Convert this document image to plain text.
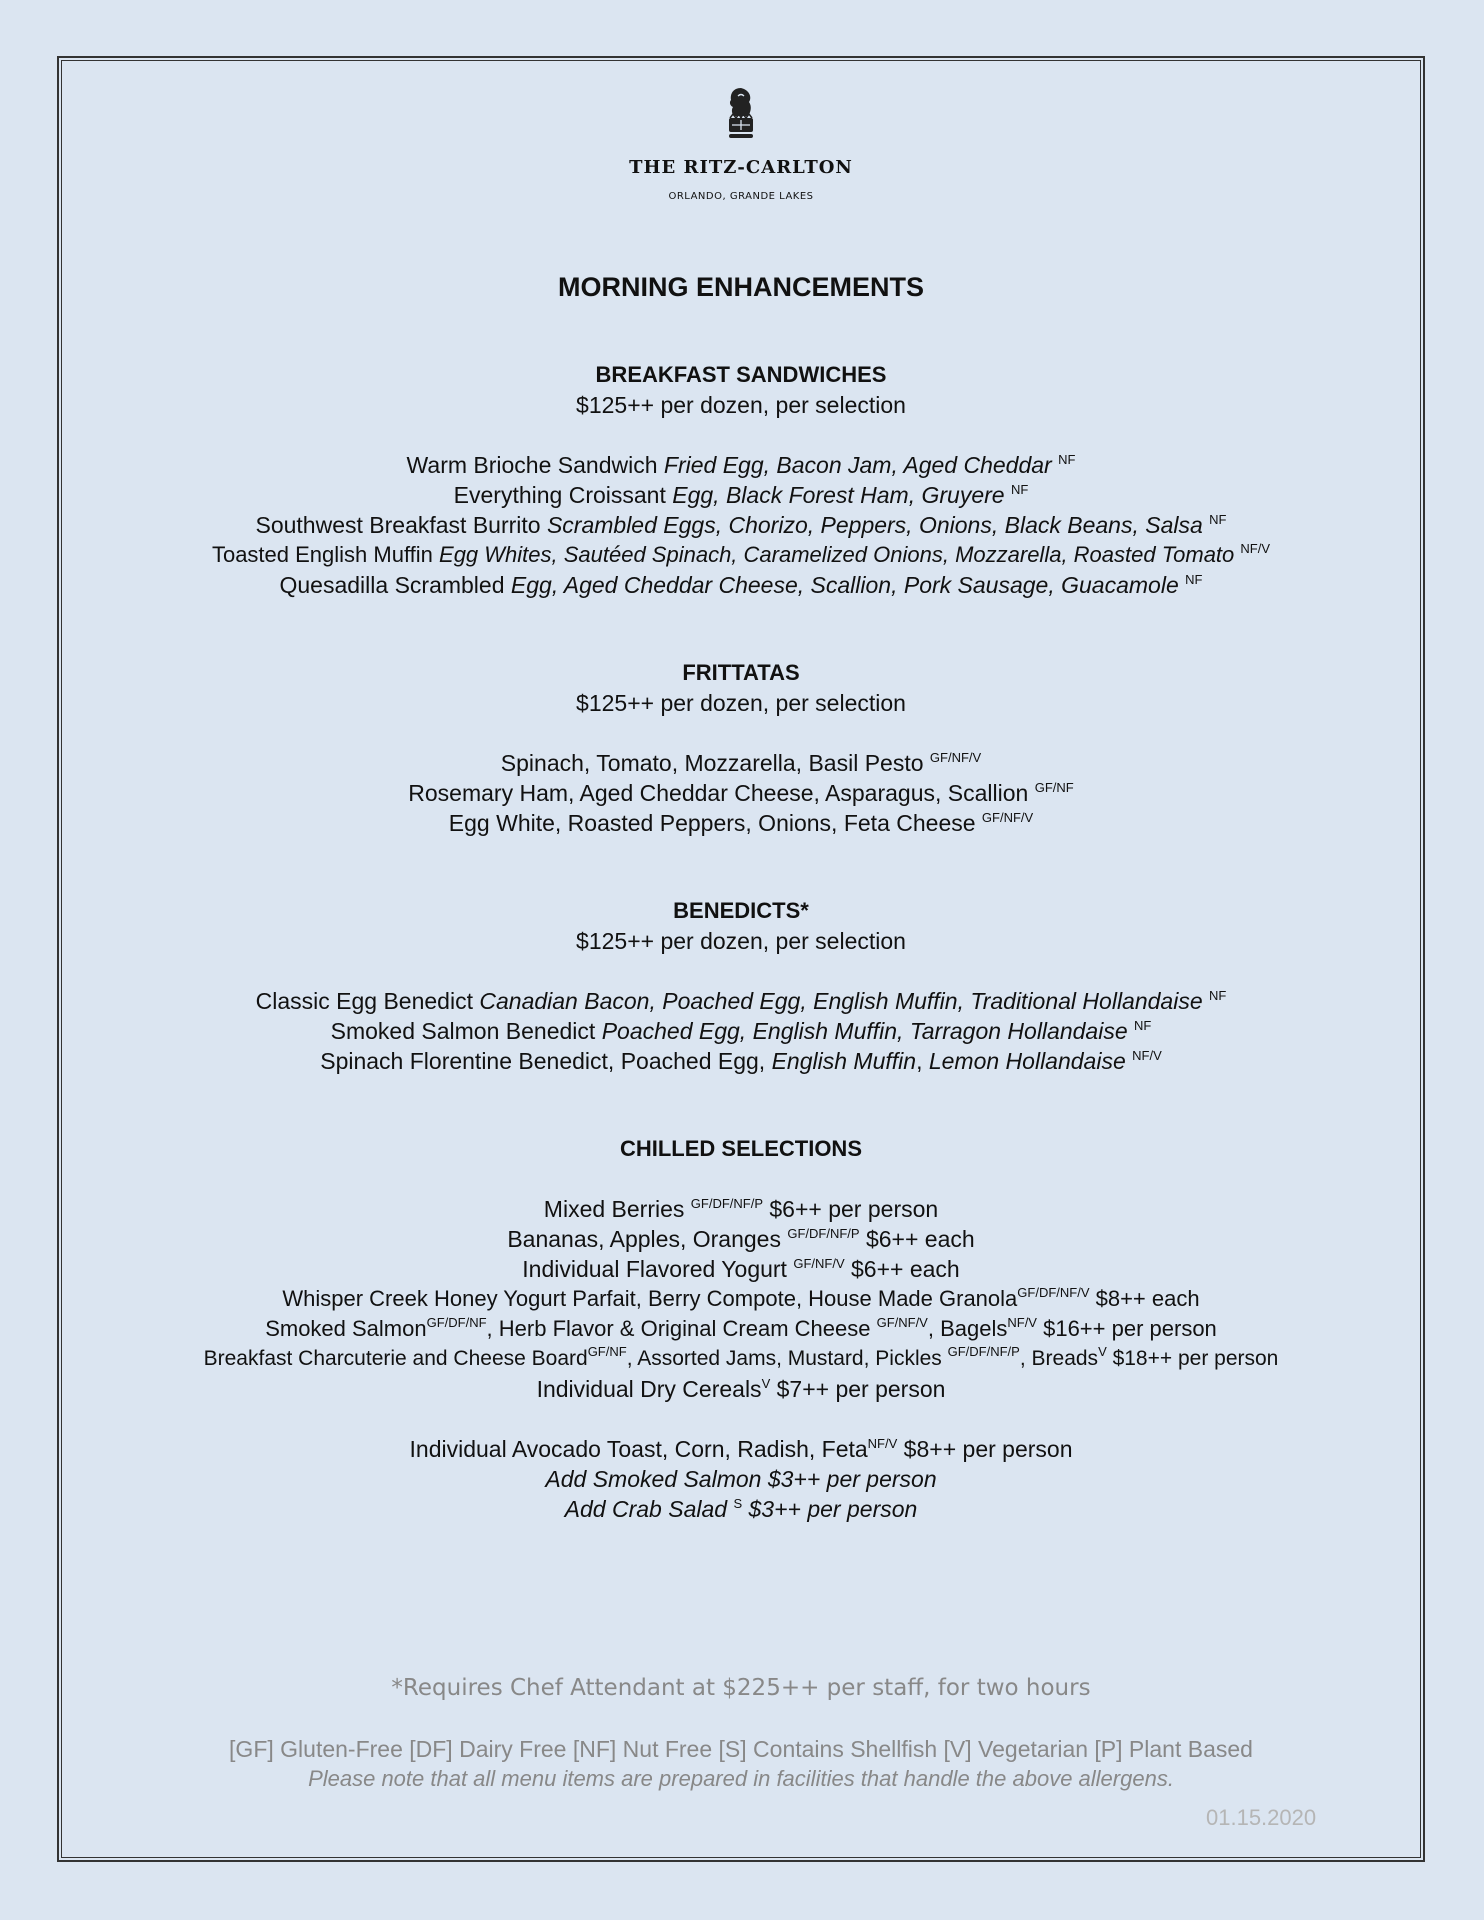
THE RITZ-CARLTON
ORLANDO, GRANDE LAKES
MORNING ENHANCEMENTS
BREAKFAST SANDWICHES
$125++ per dozen, per selection
Warm Brioche Sandwich Fried Egg, Bacon Jam, Aged Cheddar $^{NF}$
Everything Croissant Egg, Black Forest Ham, Gruyere $^{NF}$
Southwest Breakfast Burrito Scrambled Eggs, Chorizo, Peppers, Onions, Black Beans, Salsa $^{NF}$
Toasted English Muffin Egg Whites, Sautéed Spinach, Caramelized Onions, Mozzarella, Roasted Tomato $^{NF/V}$
Quesadilla Scrambled Egg, Aged Cheddar Cheese, Scallion, Pork Sausage, Guacamole $^{NF}$
FRITTATAS
$125++ per dozen, per selection
Spinach, Tomato, Mozzarella, Basil Pesto $^{GF/NF/V}$
Rosemary Ham, Aged Cheddar Cheese, Asparagus, Scallion $^{GF/NF}$
Egg White, Roasted Peppers, Onions, Feta Cheese $^{GF/NF/V}$
BENEDICTS*
$125++ per dozen, per selection
Classic Egg Benedict Canadian Bacon, Poached Egg, English Muffin, Traditional Hollandaise $^{NF}$
Smoked Salmon Benedict Poached Egg, English Muffin, Tarragon Hollandaise $^{NF}$
Spinach Florentine Benedict, Poached Egg, English Muffin, Lemon Hollandaise $^{NF/V}$
CHILLED SELECTIONS
Mixed Berries $^{GF/DF/NF/P}$ $6++ per person
Bananas, Apples, Oranges $^{GF/DF/NF/P}$ $6++ each
Individual Flavored Yogurt $^{GF/NF/V}$ $6++ each
Whisper Creek Honey Yogurt Parfait, Berry Compote, House Made Granola$^{GF/DF/NF/V}$ $8++ each
Smoked Salmon$^{GF/DF/NF}$, Herb Flavor & Original Cream Cheese $^{GF/NF/V}$, Bagels$^{NF/V}$ $16++ per person
Breakfast Charcuterie and Cheese Board$^{GF/NF}$, Assorted Jams, Mustard, Pickles $^{GF/DF/NF/P}$, Breads$^V$ $18++ per person
Individual Dry Cereals$^V$ $7++ per person
Individual Avocado Toast, Corn, Radish, Feta$^{NF/V}$ $8++ per person
Add Smoked Salmon $3++ per person
Add Crab Salad $^S$ $3++ per person
*Requires Chef Attendant at $225++ per staff, for two hours
[GF] Gluten-Free [DF] Dairy Free [NF] Nut Free [S] Contains Shellfish [V] Vegetarian [P] Plant Based
Please note that all menu items are prepared in facilities that handle the above allergens.
01.15.2020
